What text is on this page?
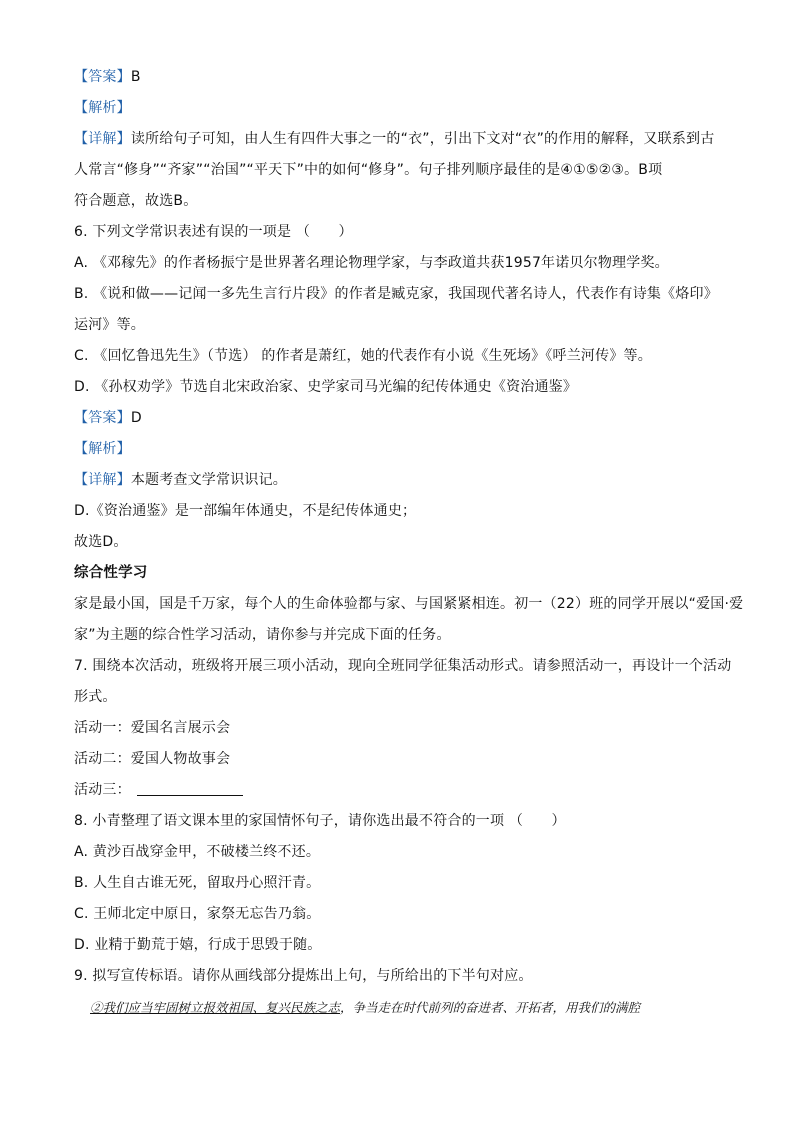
【答案】B
【解析】
【详解】读所给句子可知，由人生有四件大事之一的“衣”，引出下文对“衣”的作用的解释，又联系到古
人常言“修身”“齐家”“治国”“平天下”中的如何“修身”。句子排列顺序最佳的是④①⑤②③。B项
符合题意，故选B。
6. 下列文学常识表述有误的一项是 （　　）
A. 《邓稼先》的作者杨振宁是世界著名理论物理学家，与李政道共获1957年诺贝尔物理学奖。
B. 《说和做——记闻一多先生言行片段》的作者是臧克家，我国现代著名诗人，代表作有诗集《烙印》
运河》等。
C. 《回忆鲁迅先生》（节选） 的作者是萧红，她的代表作有小说《生死场》《呼兰河传》等。
D. 《孙权劝学》节选自北宋政治家、史学家司马光编的纪传体通史《资治通鉴》
【答案】D
【解析】
【详解】本题考查文学常识识记。
D.《资治通鉴》是一部编年体通史，不是纪传体通史；
故选D。
综合性学习
家是最小国，国是千万家，每个人的生命体验都与家、与国紧紧相连。初一（22）班的同学开展以“爱国·爱
家”为主题的综合性学习活动，请你参与并完成下面的任务。
7. 围绕本次活动，班级将开展三项小活动，现向全班同学征集活动形式。请参照活动一，再设计一个活动
形式。
活动一：爱国名言展示会
活动二：爱国人物故事会
活动三：
8. 小青整理了语文课本里的家国情怀句子，请你选出最不符合的一项 （　　）
A. 黄沙百战穿金甲，不破楼兰终不还。
B. 人生自古谁无死，留取丹心照汗青。
C. 王师北定中原日，家祭无忘告乃翁。
D. 业精于勤荒于嬉，行成于思毁于随。
9. 拟写宣传标语。请你从画线部分提炼出上句，与所给出的下半句对应。
②我们应当牢固树立报效祖国、复兴民族之志，争当走在时代前列的奋进者、开拓者，用我们的满腔
